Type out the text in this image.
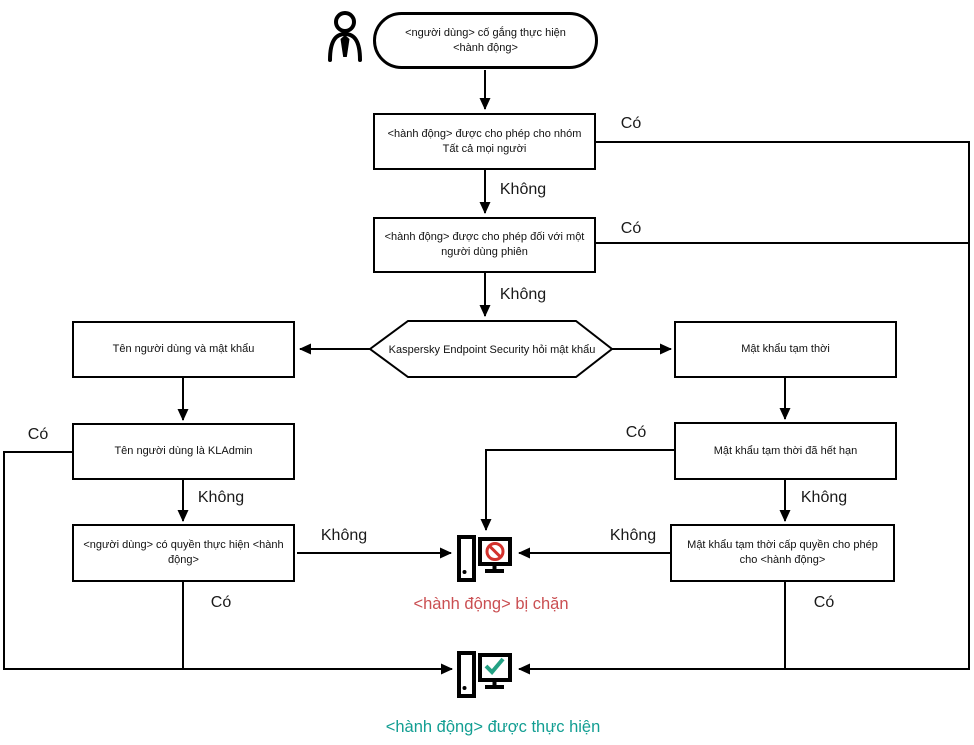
<người dùng> cố gắng thực hiện <hành động>
<hành động> được cho phép cho nhóm Tất cả mọi người
<hành động> được cho phép đối với một người dùng phiên
Kaspersky Endpoint Security hỏi mật khẩu
Tên người dùng và mật khẩu
Tên người dùng là KLAdmin
<người dùng> có quyền thực hiện <hành động>
Mật khẩu tạm thời
Mật khẩu tạm thời đã hết hạn
Mật khẩu tạm thời cấp quyền cho phép cho <hành động>
Có
Không
Có
Không
Có
Không
Có
Không
Có
Không
Không
Có
<hành động> bị chặn
<hành động> được thực hiện
